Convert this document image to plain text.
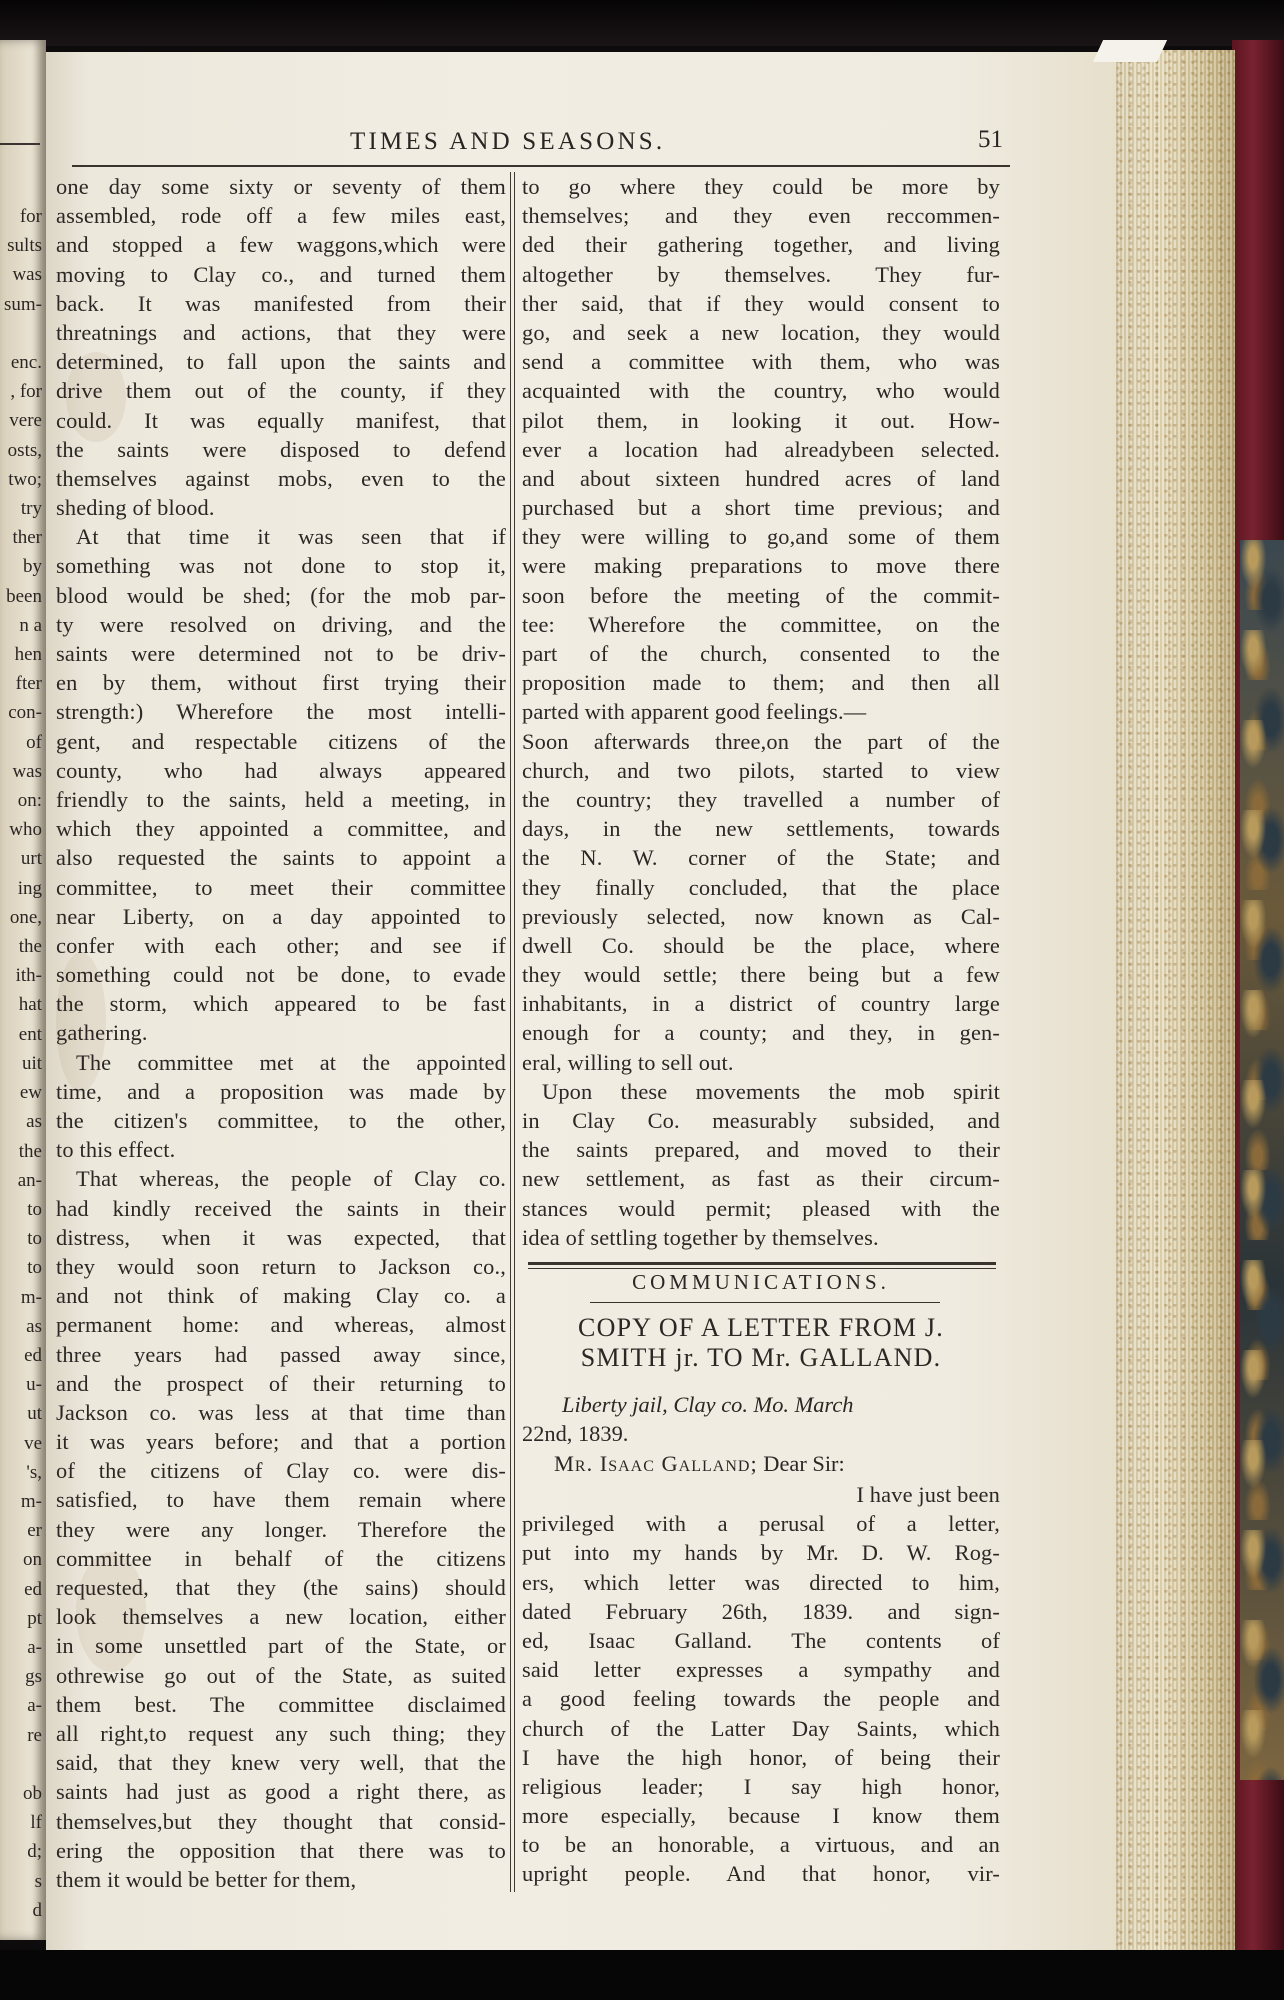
for
sults
was
sum-

enc.
, for
vere
osts,
two;
try
ther
by
been
n a
hen
fter
con-
of
was
on:
who
urt
ing
one,
the
ith-
hat
ent
uit
ew
as
the
an-
to
to
to
m-
as
ed
u-
ut
ve
's,
m-
er
on
ed
pt
a-
gs
a-
re

ob
lf
d;
s
d
TIMES AND SEASONS.	51
one day some sixty or seventy of them
assembled, rode off a few miles east,
and stopped a few waggons,which were
moving to Clay co., and turned them
back. It was manifested from their
threatnings and actions, that they were
determined, to fall upon the saints and
drive them out of the county, if they
could. It was equally manifest, that
the saints were disposed to defend
themselves against mobs, even to the
sheding of blood.
At that time it was seen that if
something was not done to stop it,
blood would be shed; (for the mob par-
ty were resolved on driving, and the
saints were determined not to be driv-
en by them, without first trying their
strength:) Wherefore the most intelli-
gent, and respectable citizens of the
county, who had always appeared
friendly to the saints, held a meeting, in
which they appointed a committee, and
also requested the saints to appoint a
committee, to meet their committee
near Liberty, on a day appointed to
confer with each other; and see if
something could not be done, to evade
the storm, which appeared to be fast
gathering.
The committee met at the appointed
time, and a proposition was made by
the citizen's committee, to the other,
to this effect.
That whereas, the people of Clay co.
had kindly received the saints in their
distress, when it was expected, that
they would soon return to Jackson co.,
and not think of making Clay co. a
permanent home: and whereas, almost
three years had passed away since,
and the prospect of their returning to
Jackson co. was less at that time than
it was years before; and that a portion
of the citizens of Clay co. were dis-
satisfied, to have them remain where
they were any longer. Therefore the
committee in behalf of the citizens
requested, that they (the sains) should
look themselves a new location, either
in some unsettled part of the State, or
othrewise go out of the State, as suited
them best. The committee disclaimed
all right,to request any such thing; they
said, that they knew very well, that the
saints had just as good a right there, as
themselves,but they thought that consid-
ering the opposition that there was to
them it would be better for them,
to go where they could be more by
themselves; and they even reccommen-
ded their gathering together, and living
altogether by themselves. They fur-
ther said, that if they would consent to
go, and seek a new location, they would
send a committee with them, who was
acquainted with the country, who would
pilot them, in looking it out. How-
ever a location had alreadybeen selected.
and about sixteen hundred acres of land
purchased but a short time previous; and
they were willing to go,and some of them
were making preparations to move there
soon before the meeting of the commit-
tee: Wherefore the committee, on the
part of the church, consented to the
proposition made to them; and then all
parted with apparent good feelings.—
Soon afterwards three,on the part of the
church, and two pilots, started to view
the country; they travelled a number of
days, in the new settlements, towards
the N. W. corner of the State; and
they finally concluded, that the place
previously selected, now known as Cal-
dwell Co. should be the place, where
they would settle; there being but a few
inhabitants, in a district of country large
enough for a county; and they, in gen-
eral, willing to sell out.
Upon these movements the mob spirit
in Clay Co. measurably subsided, and
the saints prepared, and moved to their
new settlement, as fast as their circum-
stances would permit; pleased with the
idea of settling together by themselves.
COMMUNICATIONS.
COPY OF A LETTER FROM J.
SMITH jr. TO Mr. GALLAND.
Liberty jail, Clay co. Mo. March
22nd, 1839.
Mr. Isaac Galland; Dear Sir:
I have just been
privileged with a perusal of a letter,
put into my hands by Mr. D. W. Rog-
ers, which letter was directed to him,
dated February 26th, 1839. and sign-
ed, Isaac Galland. The contents of
said letter expresses a sympathy and
a good feeling towards the people and
church of the Latter Day Saints, which
I have the high honor, of being their
religious leader; I say high honor,
more especially, because I know them
to be an honorable, a virtuous, and an
upright people. And that honor, vir-
